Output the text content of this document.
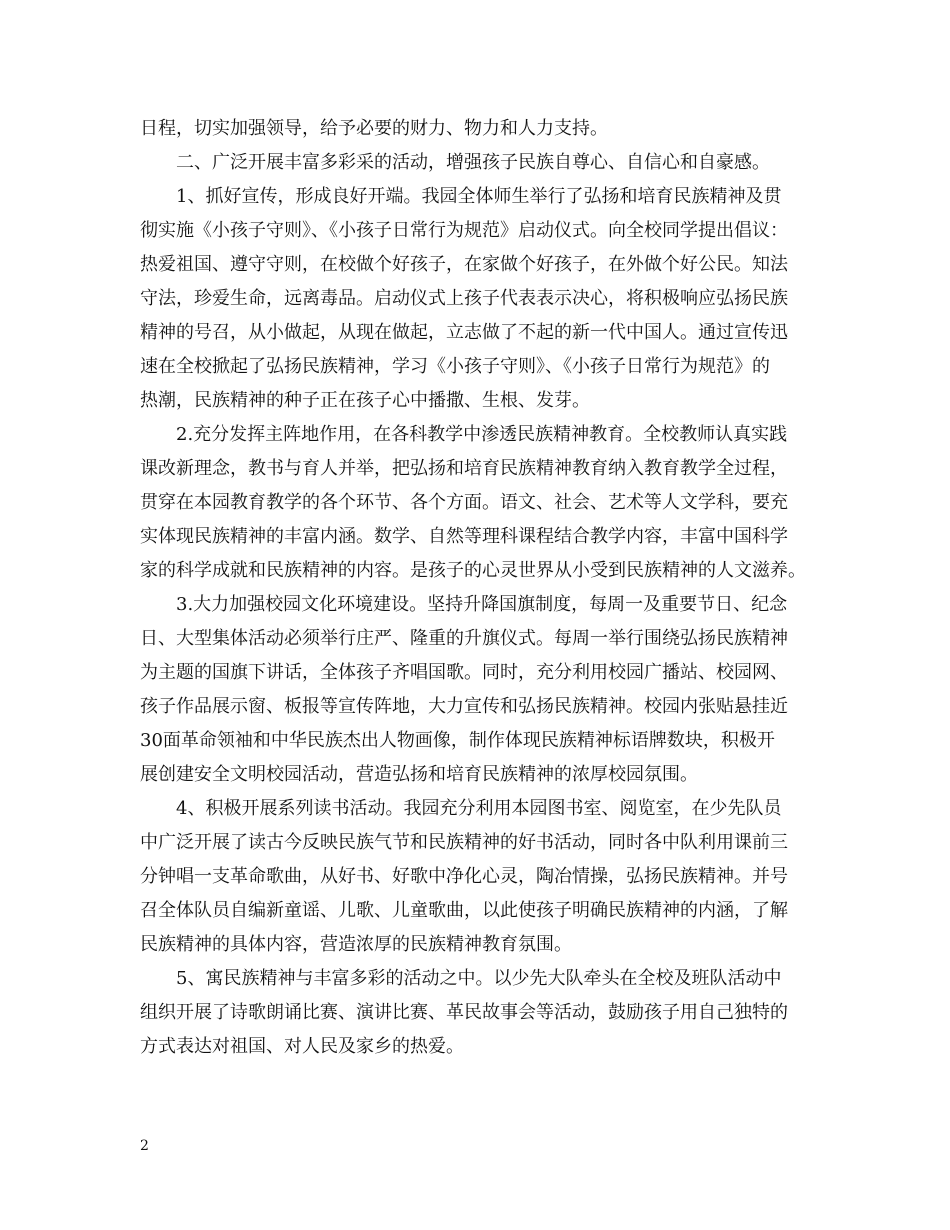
日程，切实加强领导，给予必要的财力、物力和人力支持。
二、广泛开展丰富多彩采的活动，增强孩子民族自尊心、自信心和自豪感。
1、抓好宣传，形成良好开端。我园全体师生举行了弘扬和培育民族精神及贯
彻实施《小孩子守则》、《小孩子日常行为规范》启动仪式。向全校同学提出倡议：
热爱祖国、遵守守则，在校做个好孩子，在家做个好孩子，在外做个好公民。知法
守法，珍爱生命，远离毒品。启动仪式上孩子代表表示决心，将积极响应弘扬民族
精神的号召，从小做起，从现在做起，立志做了不起的新一代中国人。通过宣传迅
速在全校掀起了弘扬民族精神，学习《小孩子守则》、《小孩子日常行为规范》的
热潮，民族精神的种子正在孩子心中播撒、生根、发芽。
2.充分发挥主阵地作用，在各科教学中渗透民族精神教育。全校教师认真实践
课改新理念，教书与育人并举，把弘扬和培育民族精神教育纳入教育教学全过程，
贯穿在本园教育教学的各个环节、各个方面。语文、社会、艺术等人文学科，要充
实体现民族精神的丰富内涵。数学、自然等理科课程结合教学内容，丰富中国科学
家的科学成就和民族精神的内容。是孩子的心灵世界从小受到民族精神的人文滋养。
3.大力加强校园文化环境建设。坚持升降国旗制度，每周一及重要节日、纪念
日、大型集体活动必须举行庄严、隆重的升旗仪式。每周一举行围绕弘扬民族精神
为主题的国旗下讲话，全体孩子齐唱国歌。同时，充分利用校园广播站、校园网、
孩子作品展示窗、板报等宣传阵地，大力宣传和弘扬民族精神。校园内张贴悬挂近
30面革命领袖和中华民族杰出人物画像，制作体现民族精神标语牌数块，积极开
展创建安全文明校园活动，营造弘扬和培育民族精神的浓厚校园氛围。
4、积极开展系列读书活动。我园充分利用本园图书室、阅览室，在少先队员
中广泛开展了读古今反映民族气节和民族精神的好书活动，同时各中队利用课前三
分钟唱一支革命歌曲，从好书、好歌中净化心灵，陶冶情操，弘扬民族精神。并号
召全体队员自编新童谣、儿歌、儿童歌曲，以此使孩子明确民族精神的内涵，了解
民族精神的具体内容，营造浓厚的民族精神教育氛围。
5、寓民族精神与丰富多彩的活动之中。以少先大队牵头在全校及班队活动中
组织开展了诗歌朗诵比赛、演讲比赛、革民故事会等活动，鼓励孩子用自己独特的
方式表达对祖国、对人民及家乡的热爱。
2
